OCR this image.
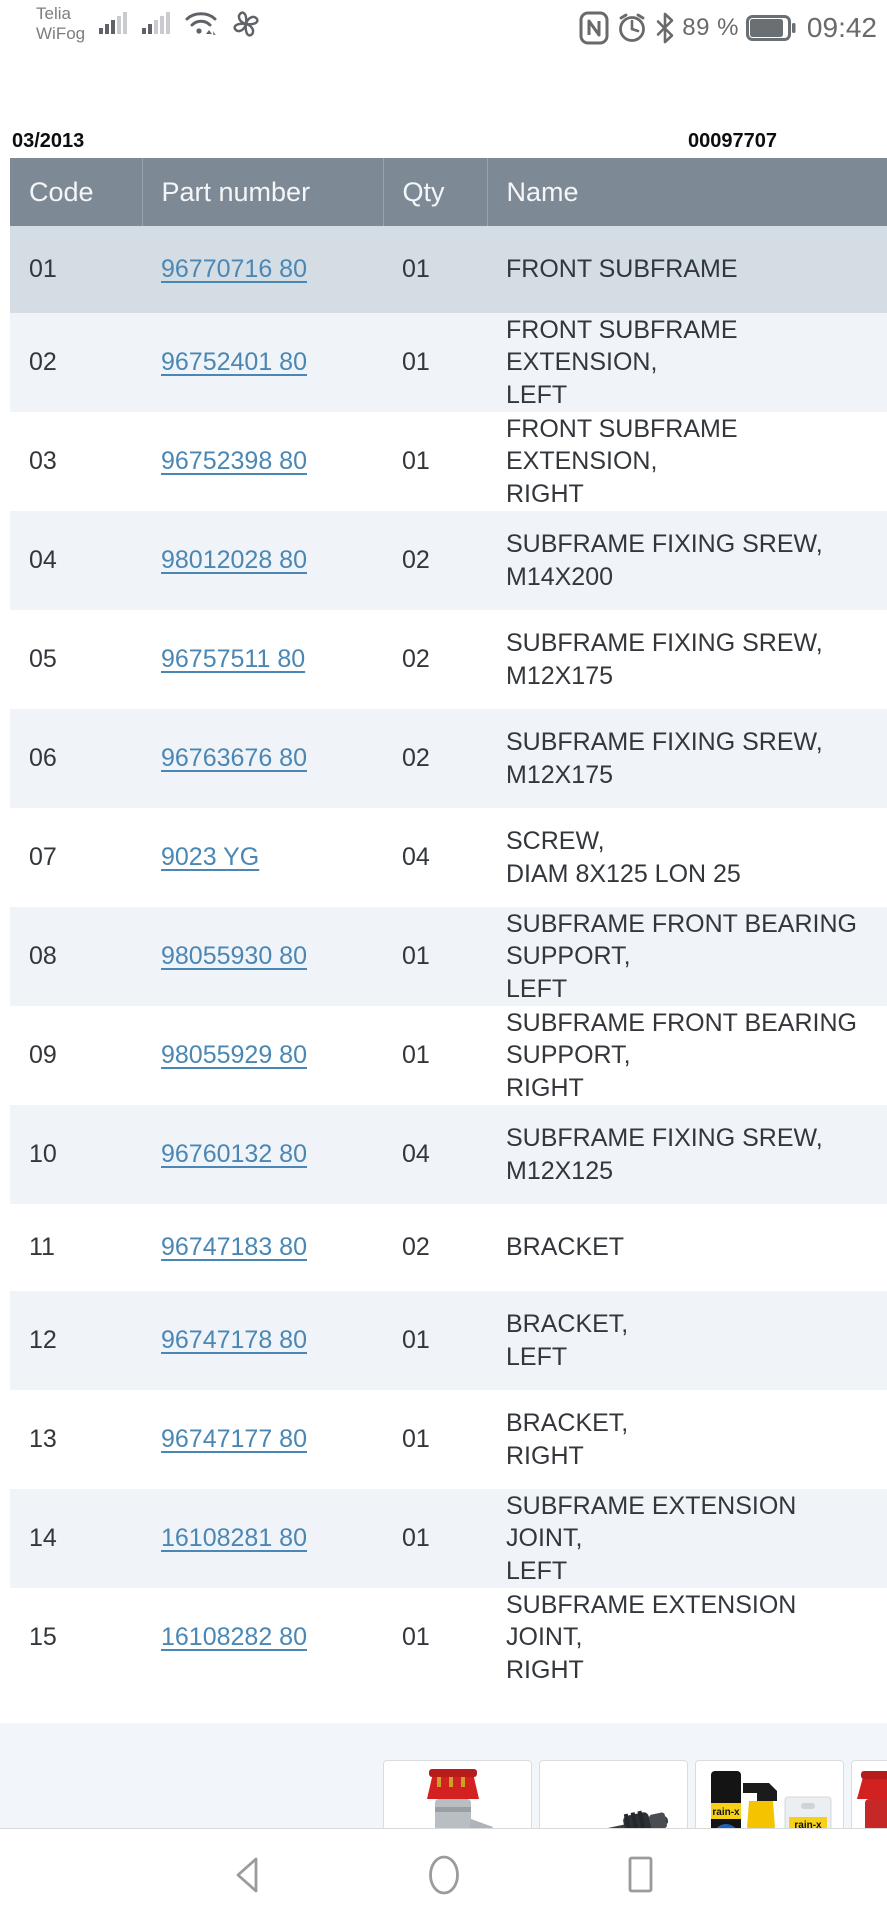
Telia
WiFog	89 % 09:42
03/2013	00097707
Code	Part number	Qty	Name
01	96770716 80	01	FRONT SUBFRAME
02	96752401 80	01	FRONT SUBFRAME EXTENSION,
LEFT
03	96752398 80	01	FRONT SUBFRAME EXTENSION,
RIGHT
04	98012028 80	02	SUBFRAME FIXING SREW,
M14X200
05	96757511 80	02	SUBFRAME FIXING SREW,
M12X175
06	96763676 80	02	SUBFRAME FIXING SREW,
M12X175
07	9023 YG	04	SCREW,
DIAM 8X125 LON 25
08	98055930 80	01	SUBFRAME FRONT BEARING SUPPORT,
LEFT
09	98055929 80	01	SUBFRAME FRONT BEARING SUPPORT,
RIGHT
10	96760132 80	04	SUBFRAME FIXING SREW,
M12X125
11	96747183 80	02	BRACKET
12	96747178 80	01	BRACKET,
LEFT
13	96747177 80	01	BRACKET,
RIGHT
14	16108281 80	01	SUBFRAME EXTENSION JOINT,
LEFT
15	16108282 80	01	SUBFRAME EXTENSION JOINT,
RIGHT
rain‑x
rain‑x
